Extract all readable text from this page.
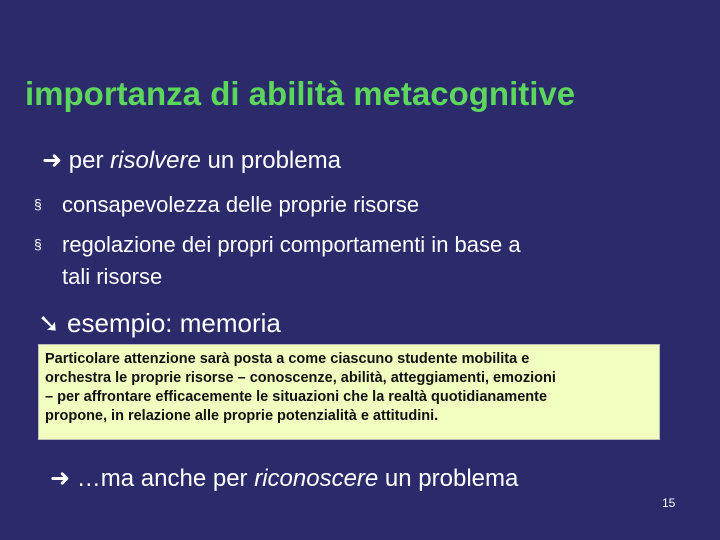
importanza di abilità metacognitive
➜ per risolvere un problema
§ consapevolezza delle proprie risorse
§ regolazione dei propri comportamenti in base a
tali risorse
➘ esempio: memoria
Particolare attenzione sarà posta a come ciascuno studente mobilita e
orchestra le proprie risorse – conoscenze, abilità, atteggiamenti, emozioni
– per affrontare efficacemente le situazioni che la realtà quotidianamente
propone, in relazione alle proprie potenzialità e attitudini.
➜ …ma anche per riconoscere un problema
15
